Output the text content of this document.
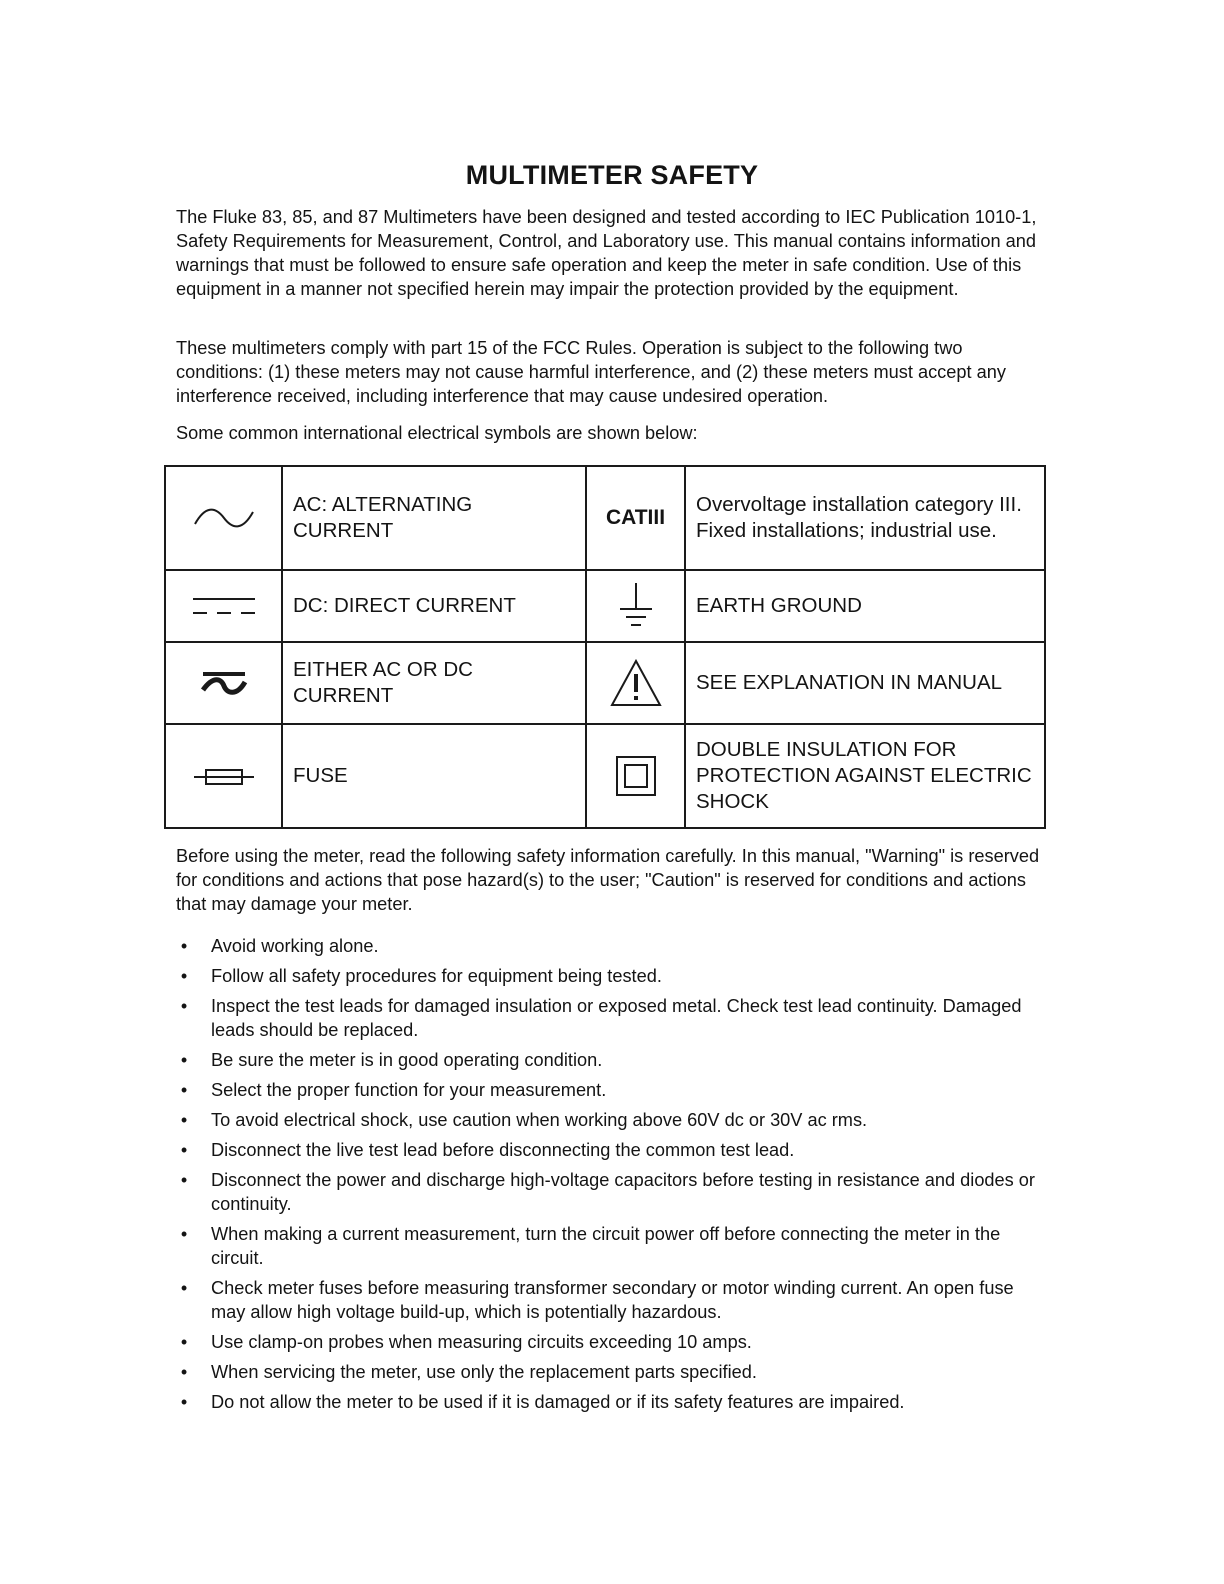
MULTIMETER SAFETY

The Fluke 83, 85, and 87 Multimeters have been designed and tested according to IEC Publication 1010-1, Safety Requirements for Measurement, Control, and Laboratory use. This manual contains information and warnings that must be followed to ensure safe operation and keep the meter in safe condition. Use of this equipment in a manner not specified herein may impair the protection provided by the equipment.

These multimeters comply with part 15 of the FCC Rules. Operation is subject to the following two conditions: (1) these meters may not cause harmful interference, and (2) these meters must accept any interference received, including interference that may cause undesired operation.

Some common international electrical symbols are shown below:

	AC: ALTERNATING CURRENT	CATIII	Overvoltage installation category III. Fixed installations; industrial use.
	DC: DIRECT CURRENT		EARTH GROUND
	EITHER AC OR DC CURRENT		SEE EXPLANATION IN MANUAL
	FUSE		DOUBLE INSULATION FOR PROTECTION AGAINST ELECTRIC SHOCK

Before using the meter, read the following safety information carefully. In this manual, "Warning" is reserved for conditions and actions that pose hazard(s) to the user; "Caution" is reserved for conditions and actions that may damage your meter.

• Avoid working alone.
• Follow all safety procedures for equipment being tested.
• Inspect the test leads for damaged insulation or exposed metal. Check test lead continuity. Damaged leads should be replaced.
• Be sure the meter is in good operating condition.
• Select the proper function for your measurement.
• To avoid electrical shock, use caution when working above 60V dc or 30V ac rms.
• Disconnect the live test lead before disconnecting the common test lead.
• Disconnect the power and discharge high-voltage capacitors before testing in resistance and diodes or continuity.
• When making a current measurement, turn the circuit power off before connecting the meter in the circuit.
• Check meter fuses before measuring transformer secondary or motor winding current. An open fuse may allow high voltage build-up, which is potentially hazardous.
• Use clamp-on probes when measuring circuits exceeding 10 amps.
• When servicing the meter, use only the replacement parts specified.
• Do not allow the meter to be used if it is damaged or if its safety features are impaired.
